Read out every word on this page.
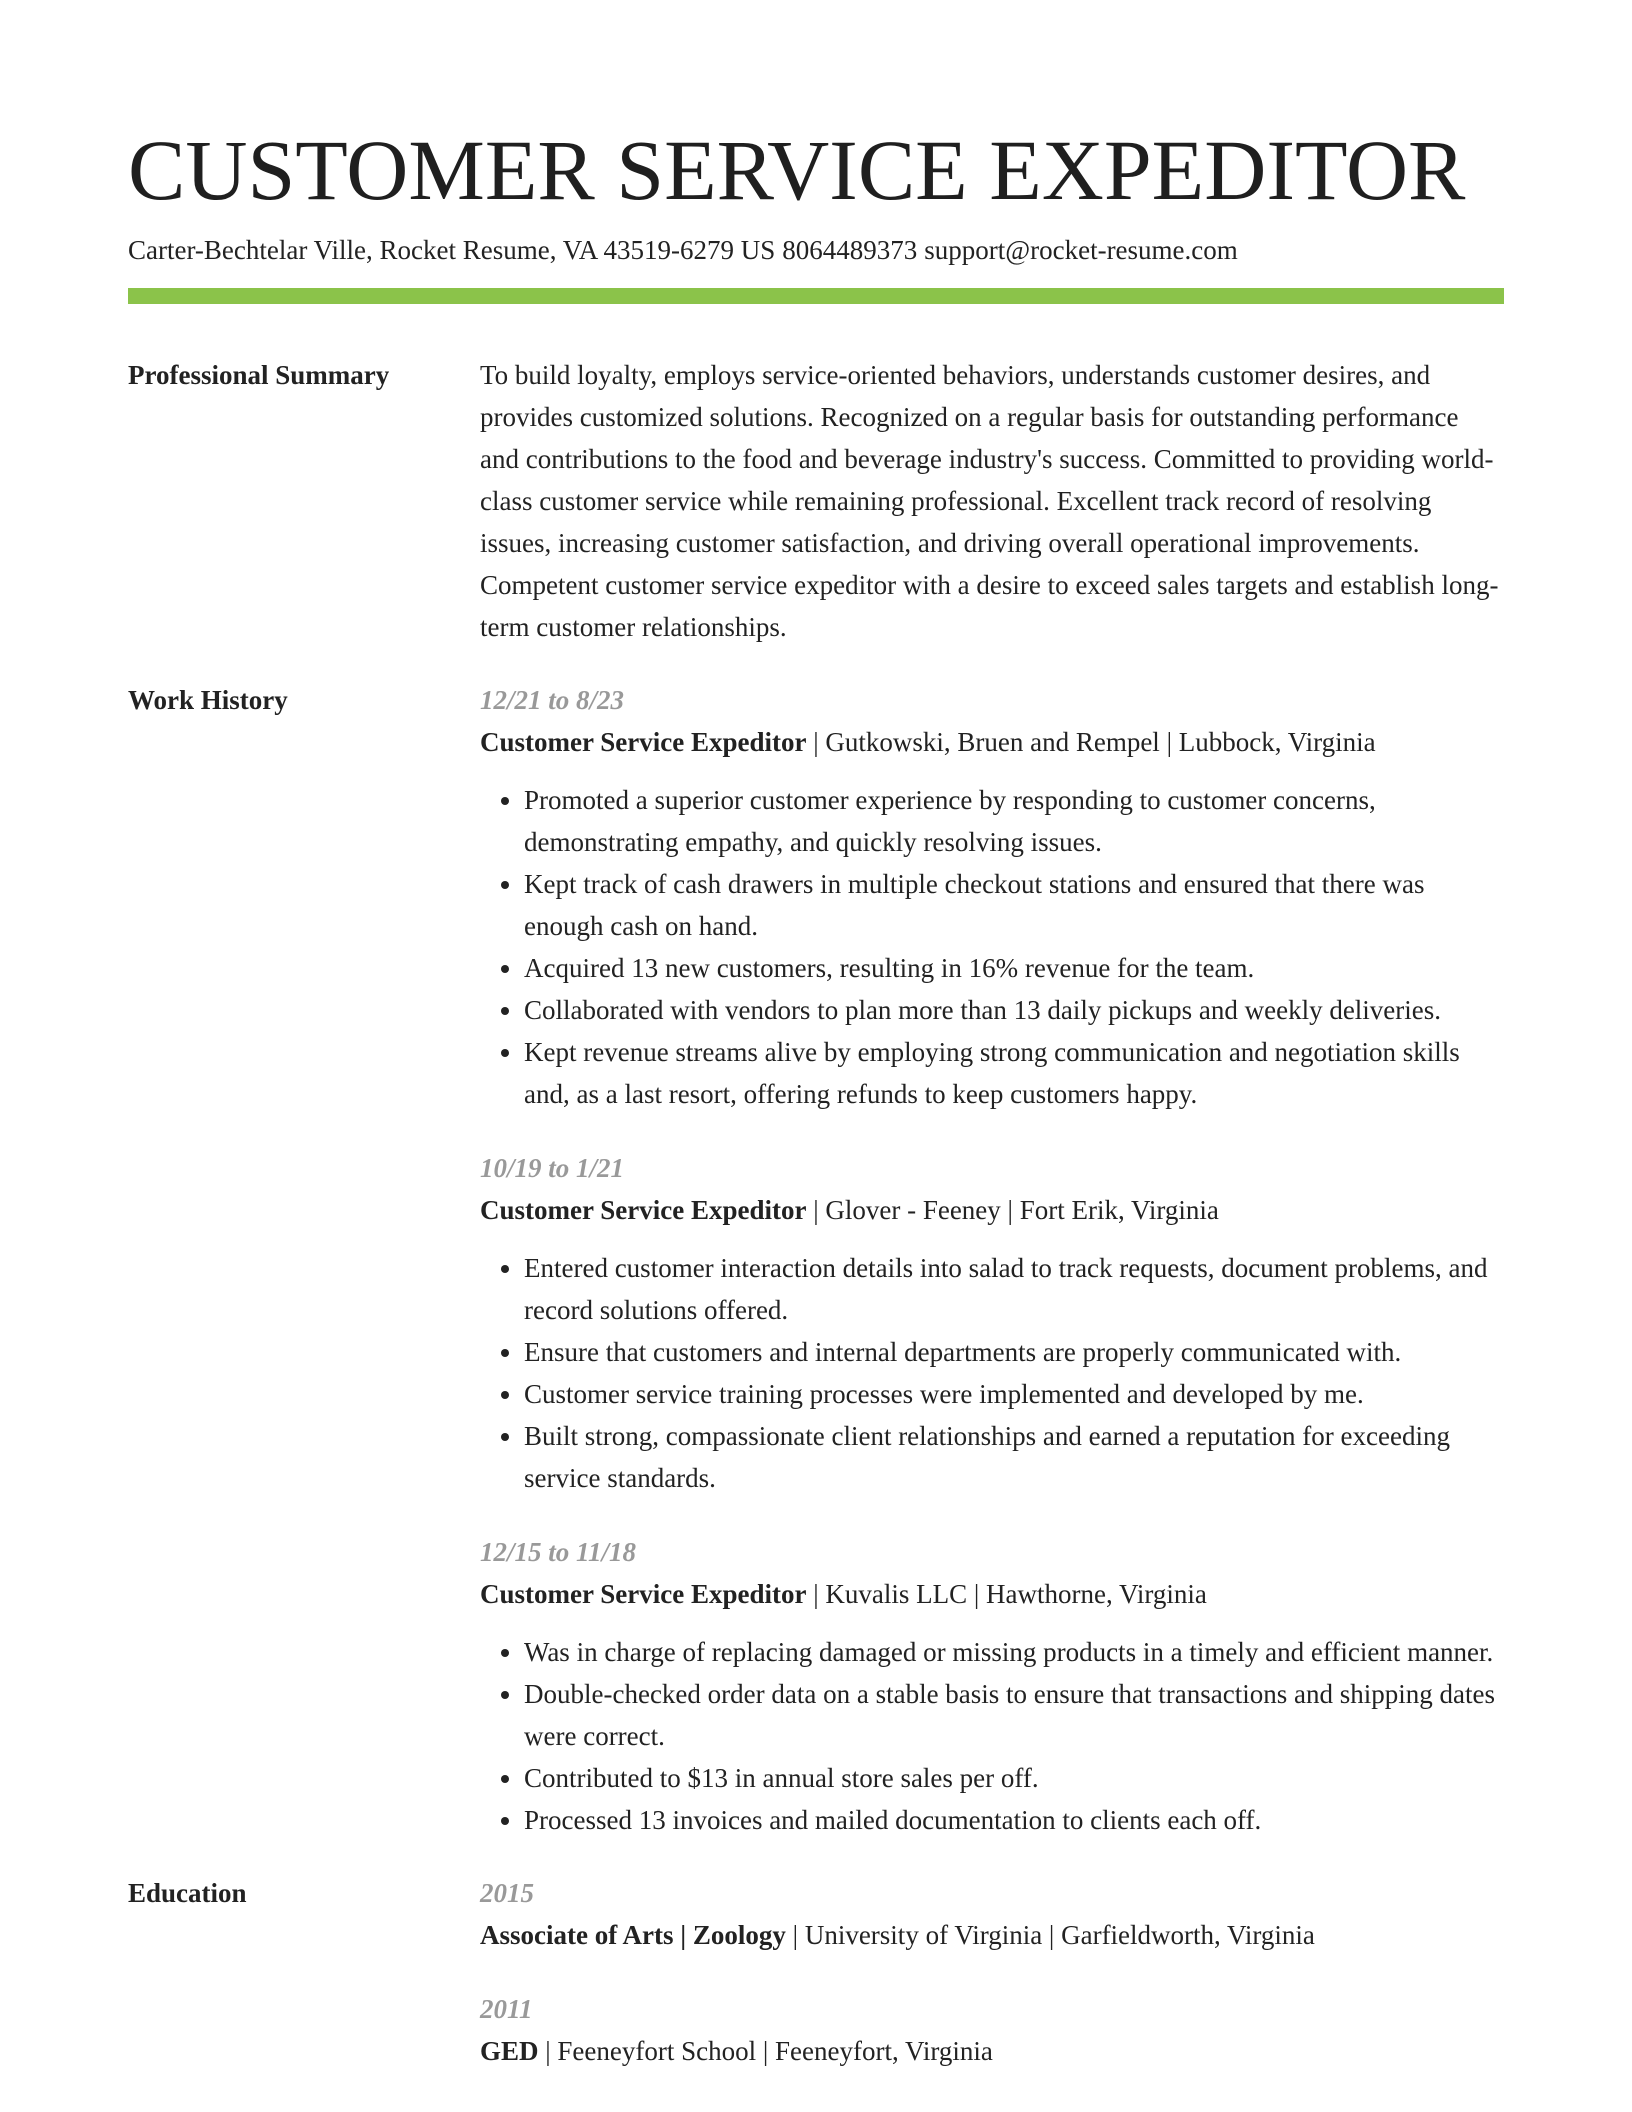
CUSTOMER SERVICE EXPEDITOR
Carter-Bechtelar Ville, Rocket Resume, VA 43519-6279 US 8064489373 support@rocket-resume.com
Professional Summary	To build loyalty, employs service-oriented behaviors, understands customer desires, and provides customized solutions. Recognized on a regular basis for outstanding performance and contributions to the food and beverage industry's success. Committed to providing world-class customer service while remaining professional. Excellent track record of resolving issues, increasing customer satisfaction, and driving overall operational improvements. Competent customer service expeditor with a desire to exceed sales targets and establish long-term customer relationships.
Work History	12/21 to 8/23
Customer Service Expeditor | Gutkowski, Bruen and Rempel | Lubbock, Virginia
• Promoted a superior customer experience by responding to customer concerns, demonstrating empathy, and quickly resolving issues.
• Kept track of cash drawers in multiple checkout stations and ensured that there was enough cash on hand.
• Acquired 13 new customers, resulting in 16% revenue for the team.
• Collaborated with vendors to plan more than 13 daily pickups and weekly deliveries.
• Kept revenue streams alive by employing strong communication and negotiation skills and, as a last resort, offering refunds to keep customers happy.
10/19 to 1/21
Customer Service Expeditor | Glover - Feeney | Fort Erik, Virginia
• Entered customer interaction details into salad to track requests, document problems, and record solutions offered.
• Ensure that customers and internal departments are properly communicated with.
• Customer service training processes were implemented and developed by me.
• Built strong, compassionate client relationships and earned a reputation for exceeding service standards.
12/15 to 11/18
Customer Service Expeditor | Kuvalis LLC | Hawthorne, Virginia
• Was in charge of replacing damaged or missing products in a timely and efficient manner.
• Double-checked order data on a stable basis to ensure that transactions and shipping dates were correct.
• Contributed to $13 in annual store sales per off.
• Processed 13 invoices and mailed documentation to clients each off.
Education	2015
Associate of Arts | Zoology | University of Virginia | Garfieldworth, Virginia
2011
GED | Feeneyfort School | Feeneyfort, Virginia
